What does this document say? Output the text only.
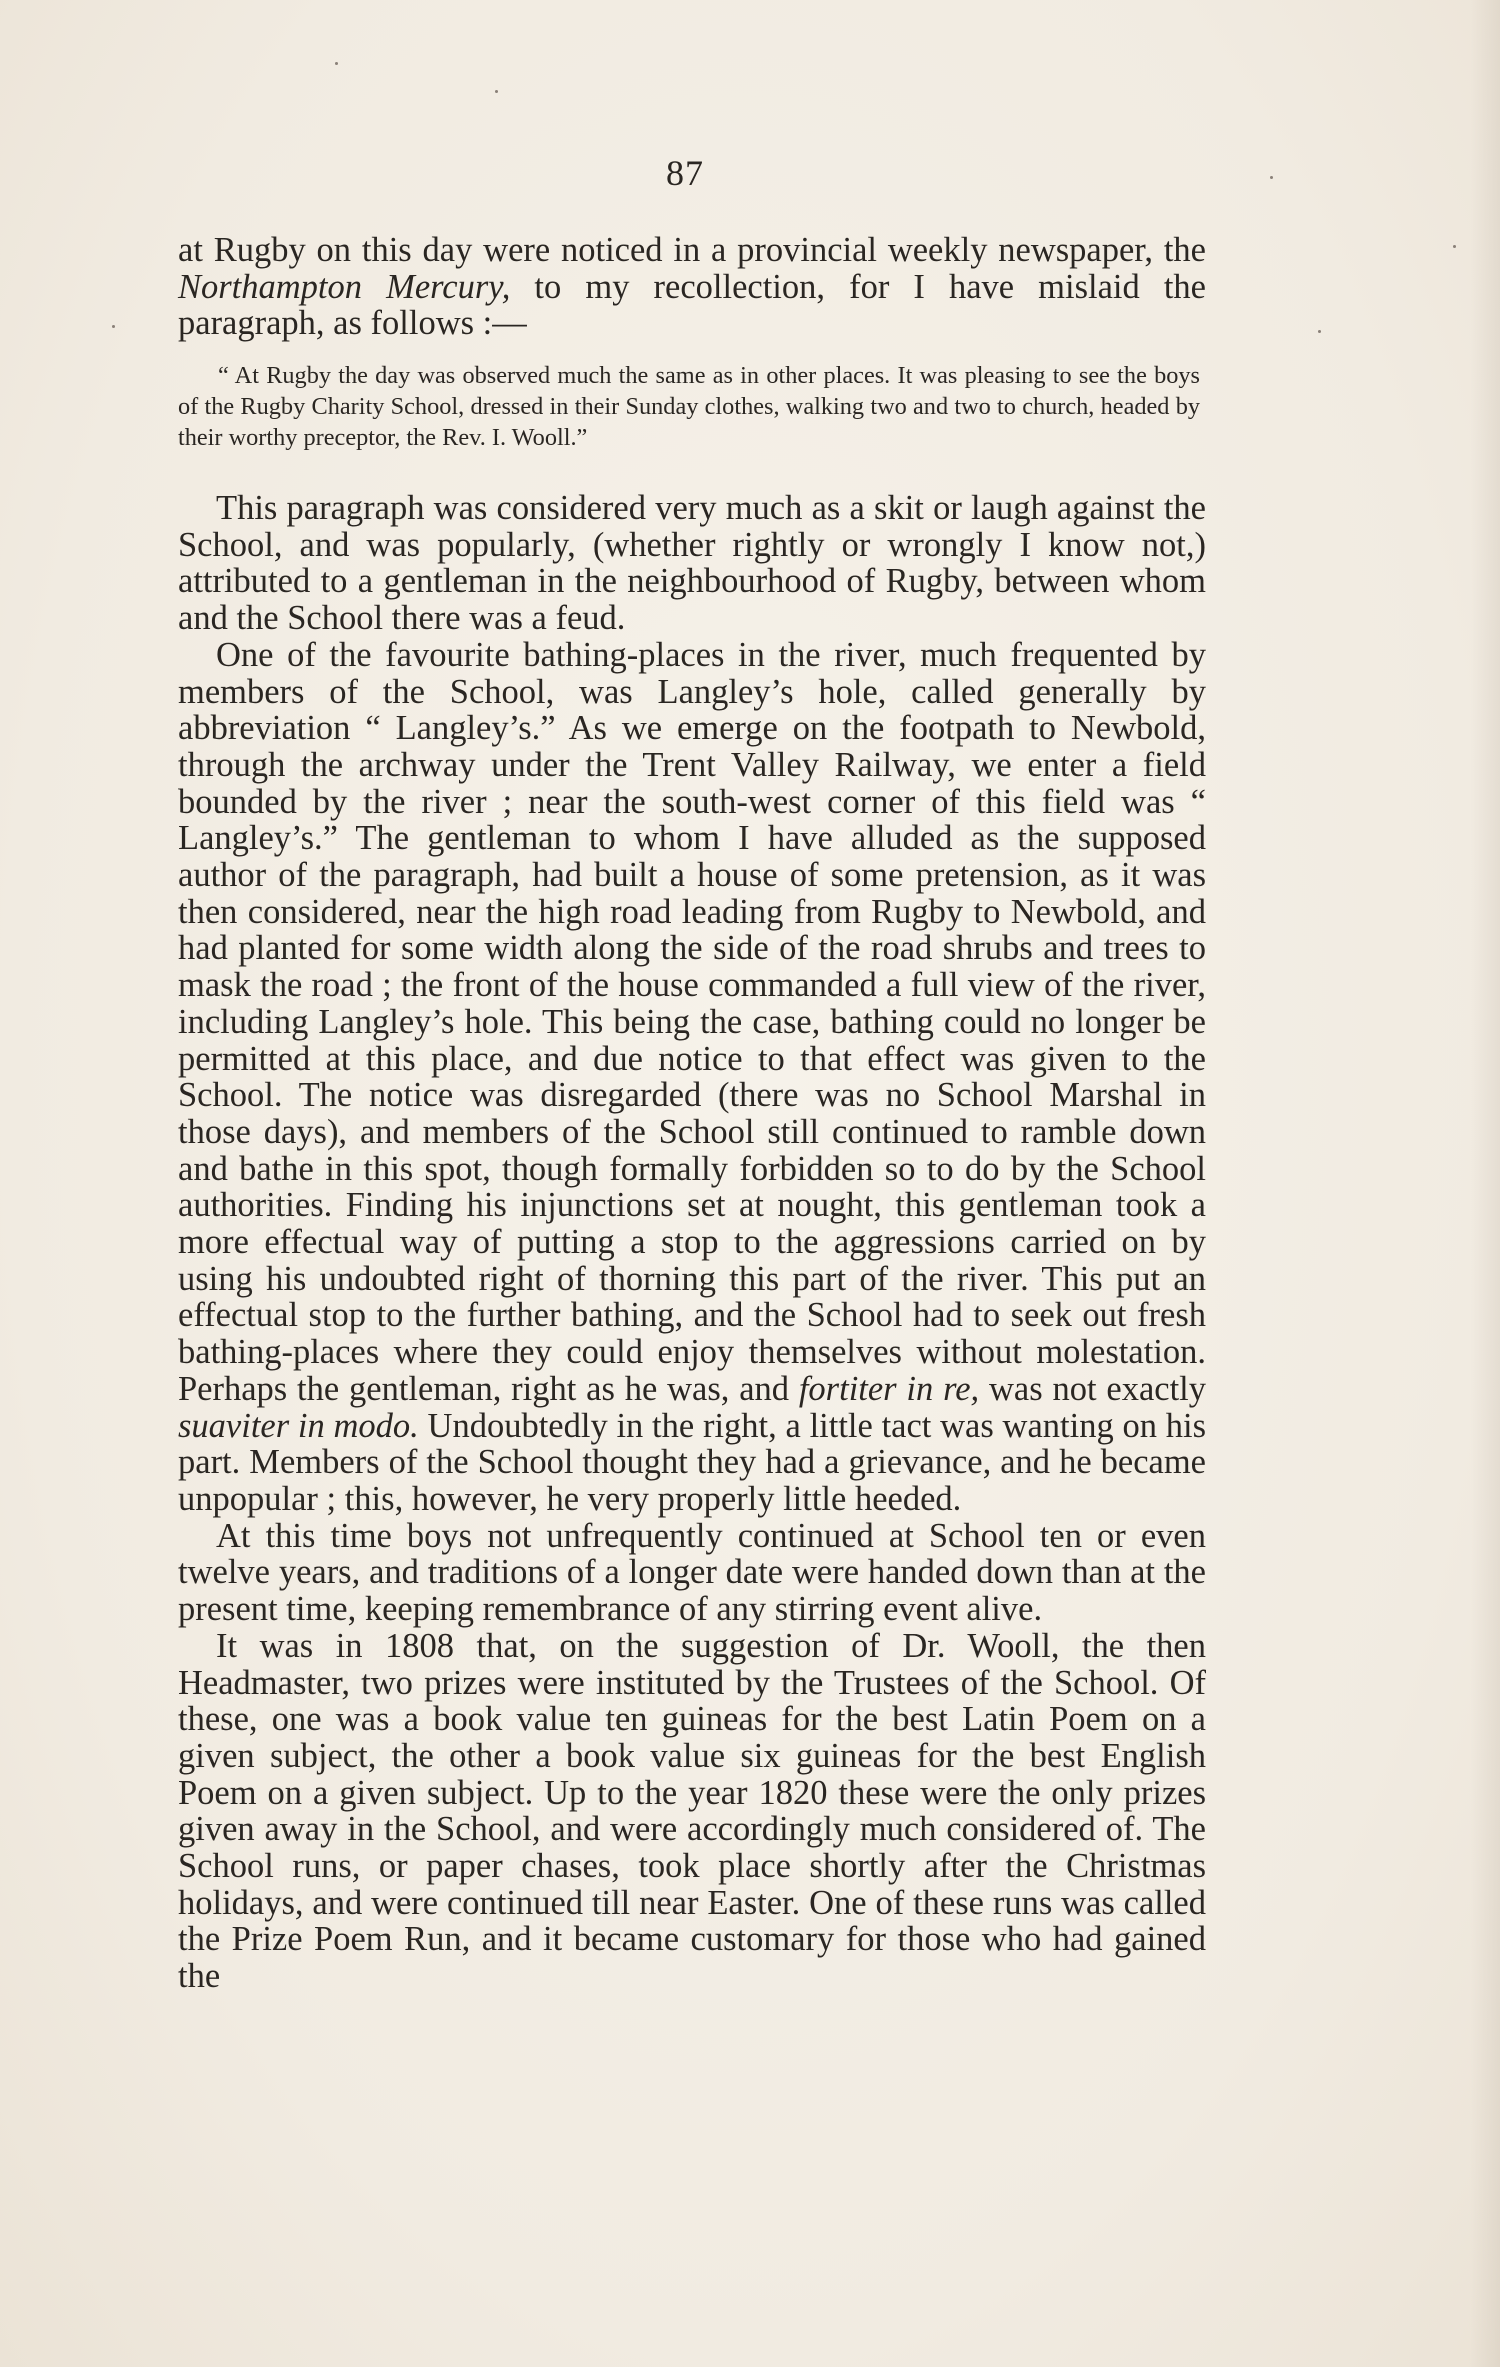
87
at Rugby on this day were noticed in a provincial weekly newspaper, the Northampton Mercury, to my recollection, for I have mislaid the paragraph, as follows :—
“ At Rugby the day was observed much the same as in other places. It was pleasing to see the boys of the Rugby Charity School, dressed in their Sunday clothes, walking two and two to church, headed by their worthy preceptor, the Rev. I. Wooll.”

This paragraph was considered very much as a skit or laugh against the School, and was popularly, (whether rightly or wrongly I know not,) attributed to a gentleman in the neighbourhood of Rugby, between whom and the School there was a feud.

One of the favourite bathing-places in the river, much frequented by members of the School, was Langley’s hole, called generally by abbreviation “ Langley’s.” As we emerge on the footpath to Newbold, through the archway under the Trent Valley Railway, we enter a field bounded by the river ; near the south-west corner of this field was “ Langley’s.” The gentleman to whom I have alluded as the supposed author of the paragraph, had built a house of some pretension, as it was then considered, near the high road leading from Rugby to Newbold, and had planted for some width along the side of the road shrubs and trees to mask the road ; the front of the house commanded a full view of the river, including Langley’s hole. This being the case, bathing could no longer be permitted at this place, and due notice to that effect was given to the School. The notice was disregarded (there was no School Marshal in those days), and members of the School still continued to ramble down and bathe in this spot, though formally forbidden so to do by the School authorities. Finding his injunctions set at nought, this gentleman took a more effectual way of putting a stop to the aggressions carried on by using his undoubted right of thorning this part of the river. This put an effectual stop to the further bathing, and the School had to seek out fresh bathing-places where they could enjoy themselves without molestation. Perhaps the gentleman, right as he was, and fortiter in re, was not exactly suaviter in modo. Undoubtedly in the right, a little tact was wanting on his part. Members of the School thought they had a grievance, and he became unpopular ; this, however, he very properly little heeded.

At this time boys not unfrequently continued at School ten or even twelve years, and traditions of a longer date were handed down than at the present time, keeping remembrance of any stirring event alive.

It was in 1808 that, on the suggestion of Dr. Wooll, the then Headmaster, two prizes were instituted by the Trustees of the School. Of these, one was a book value ten guineas for the best Latin Poem on a given subject, the other a book value six guineas for the best English Poem on a given subject. Up to the year 1820 these were the only prizes given away in the School, and were accordingly much considered of. The School runs, or paper chases, took place shortly after the Christmas holidays, and were continued till near Easter. One of these runs was called the Prize Poem Run, and it became customary for those who had gained the
